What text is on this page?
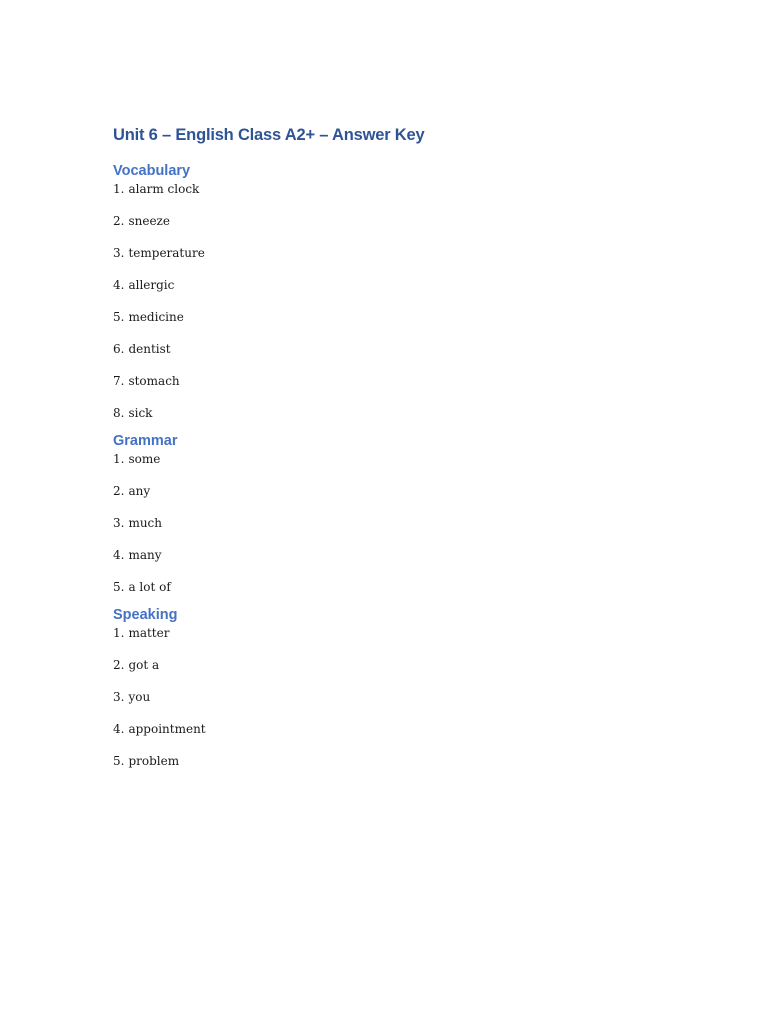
Unit 6 – English Class A2+ – Answer Key
Vocabulary
1. alarm clock
2. sneeze
3. temperature
4. allergic
5. medicine
6. dentist
7. stomach
8. sick
Grammar
1. some
2. any
3. much
4. many
5. a lot of
Speaking
1. matter
2. got a
3. you
4. appointment
5. problem
